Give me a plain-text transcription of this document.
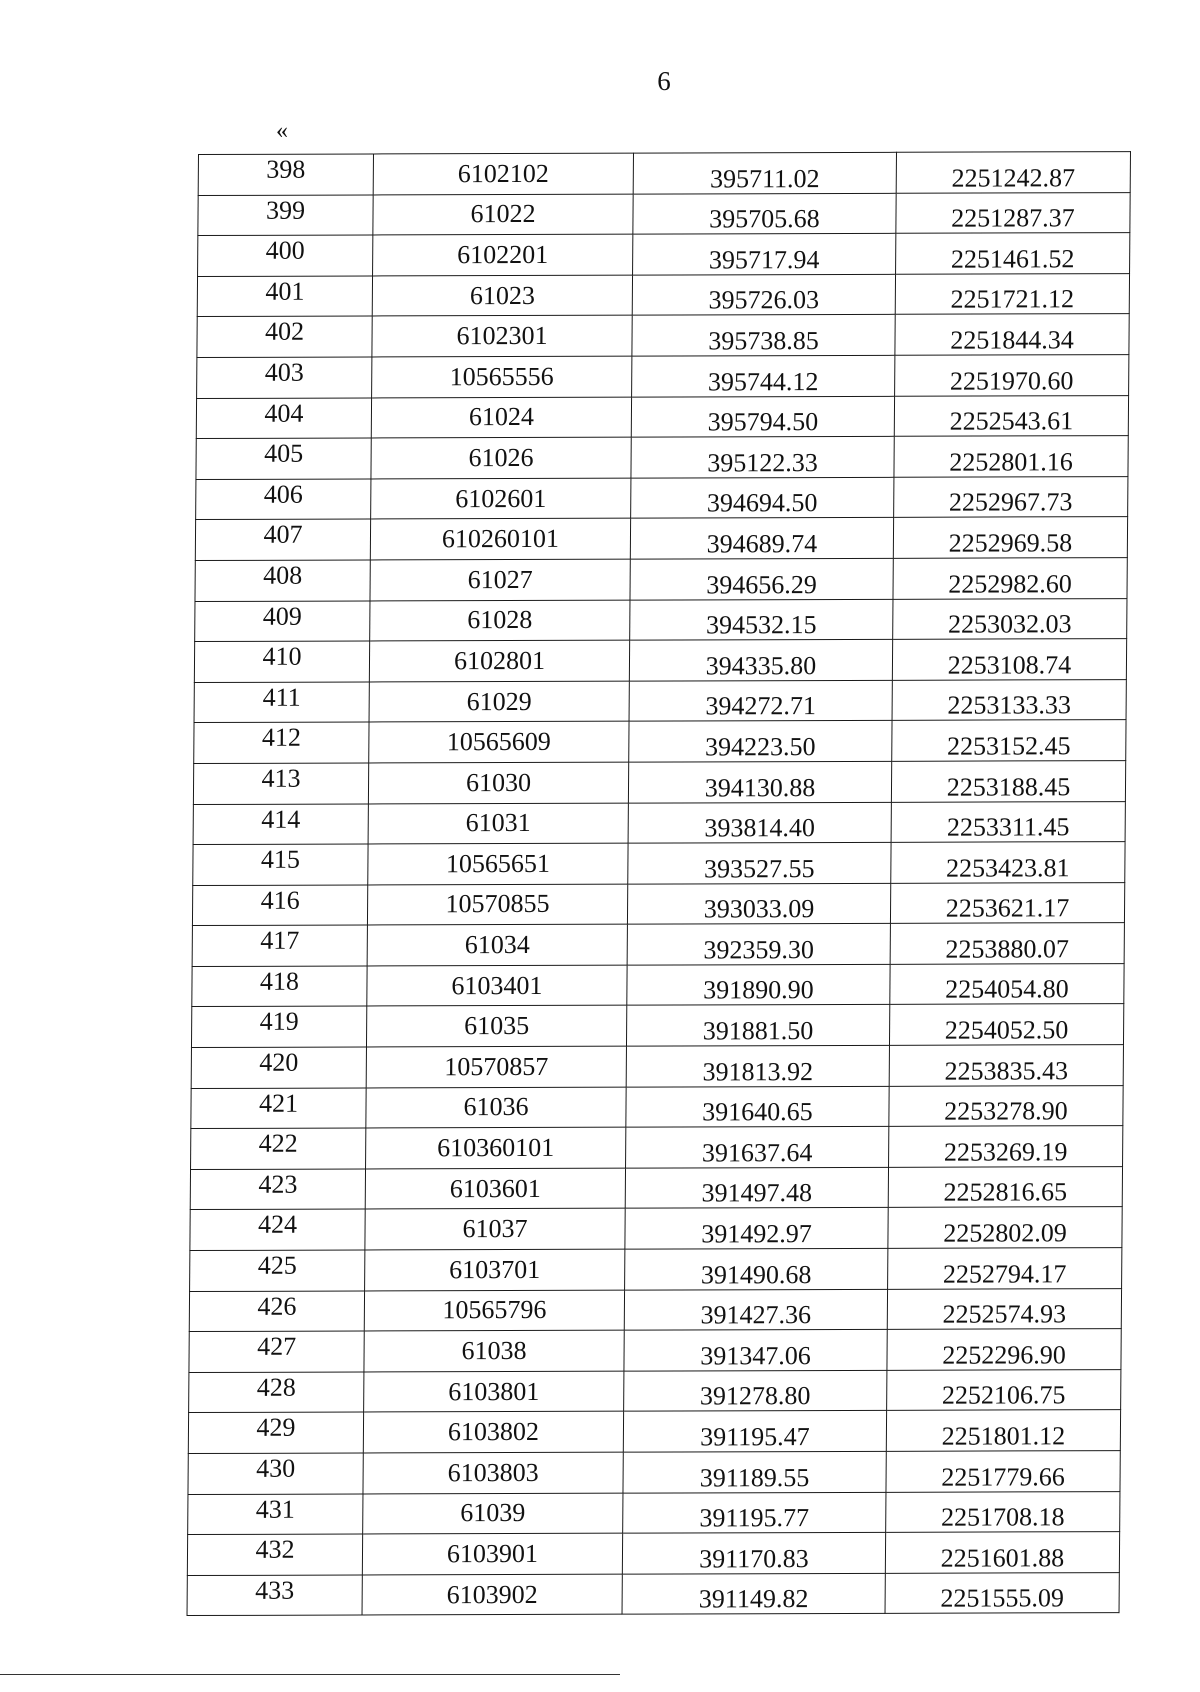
6
«
398	6102102	395711.02	2251242.87
399	61022	395705.68	2251287.37
400	6102201	395717.94	2251461.52
401	61023	395726.03	2251721.12
402	6102301	395738.85	2251844.34
403	10565556	395744.12	2251970.60
404	61024	395794.50	2252543.61
405	61026	395122.33	2252801.16
406	6102601	394694.50	2252967.73
407	610260101	394689.74	2252969.58
408	61027	394656.29	2252982.60
409	61028	394532.15	2253032.03
410	6102801	394335.80	2253108.74
411	61029	394272.71	2253133.33
412	10565609	394223.50	2253152.45
413	61030	394130.88	2253188.45
414	61031	393814.40	2253311.45
415	10565651	393527.55	2253423.81
416	10570855	393033.09	2253621.17
417	61034	392359.30	2253880.07
418	6103401	391890.90	2254054.80
419	61035	391881.50	2254052.50
420	10570857	391813.92	2253835.43
421	61036	391640.65	2253278.90
422	610360101	391637.64	2253269.19
423	6103601	391497.48	2252816.65
424	61037	391492.97	2252802.09
425	6103701	391490.68	2252794.17
426	10565796	391427.36	2252574.93
427	61038	391347.06	2252296.90
428	6103801	391278.80	2252106.75
429	6103802	391195.47	2251801.12
430	6103803	391189.55	2251779.66
431	61039	391195.77	2251708.18
432	6103901	391170.83	2251601.88
433	6103902	391149.82	2251555.09
